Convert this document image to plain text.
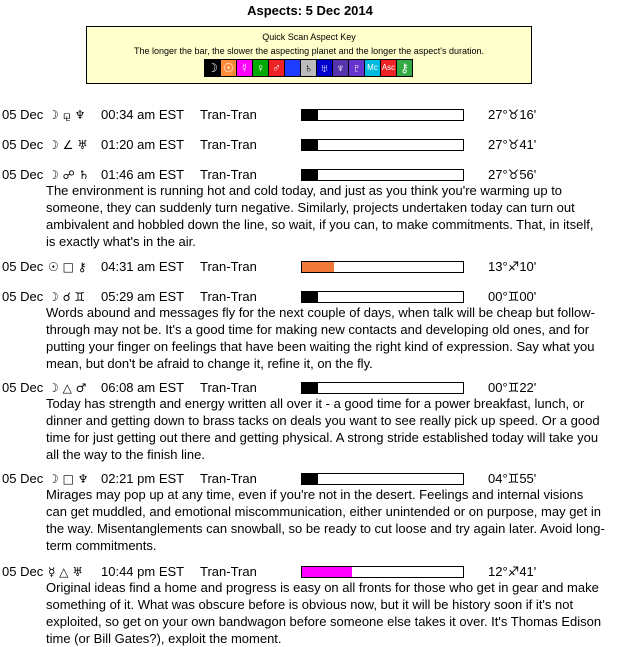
Aspects: 5 Dec 2014
Quick Scan Aspect Key
The longer the bar, the slower the aspecting planet and the longer the aspect's duration.
☽ ☉ ☿ ♀ ♂ ♃ ♄ ♅ ♆ ♇ Mc Asc ⚷
05 Dec ☽ ⚼ ♆ 00:34 am EST Tran-Tran	27°♉16'
05 Dec ☽ ∠ ♅ 01:20 am EST Tran-Tran	27°♉41'
05 Dec ☽ ☍ ♄ 01:46 am EST Tran-Tran	27°♉56'
The environment is running hot and cold today, and just as you think you're warming up to someone, they can suddenly turn negative. Similarly, projects undertaken today can turn out ambivalent and hobbled down the line, so wait, if you can, to make commitments. That, in itself, is exactly what's in the air.
05 Dec ☉ □ ⚷ 04:31 am EST Tran-Tran	13°♐10'
05 Dec ☽ ☌ ♊ 05:29 am EST Tran-Tran	00°♊00'
Words abound and messages fly for the next couple of days, when talk will be cheap but follow-through may not be. It's a good time for making new contacts and developing old ones, and for putting your finger on feelings that have been waiting the right kind of expression. Say what you mean, but don't be afraid to change it, refine it, on the fly.
05 Dec ☽ △ ♂ 06:08 am EST Tran-Tran	00°♊22'
Today has strength and energy written all over it - a good time for a power breakfast, lunch, or dinner and getting down to brass tacks on deals you want to see really pick up speed. Or a good time for just getting out there and getting physical. A strong stride established today will take you all the way to the finish line.
05 Dec ☽ □ ♆ 02:21 pm EST Tran-Tran	04°♊55'
Mirages may pop up at any time, even if you're not in the desert. Feelings and internal visions can get muddled, and emotional miscommunication, either unintended or on purpose, may get in the way. Misentanglements can snowball, so be ready to cut loose and try again later. Avoid long-term commitments.
05 Dec ☿ △ ♅ 10:44 pm EST Tran-Tran	12°♐41'
Original ideas find a home and progress is easy on all fronts for those who get in gear and make something of it. What was obscure before is obvious now, but it will be history soon if it's not exploited, so get on your own bandwagon before someone else takes it over. It's Thomas Edison time (or Bill Gates?), exploit the moment.
